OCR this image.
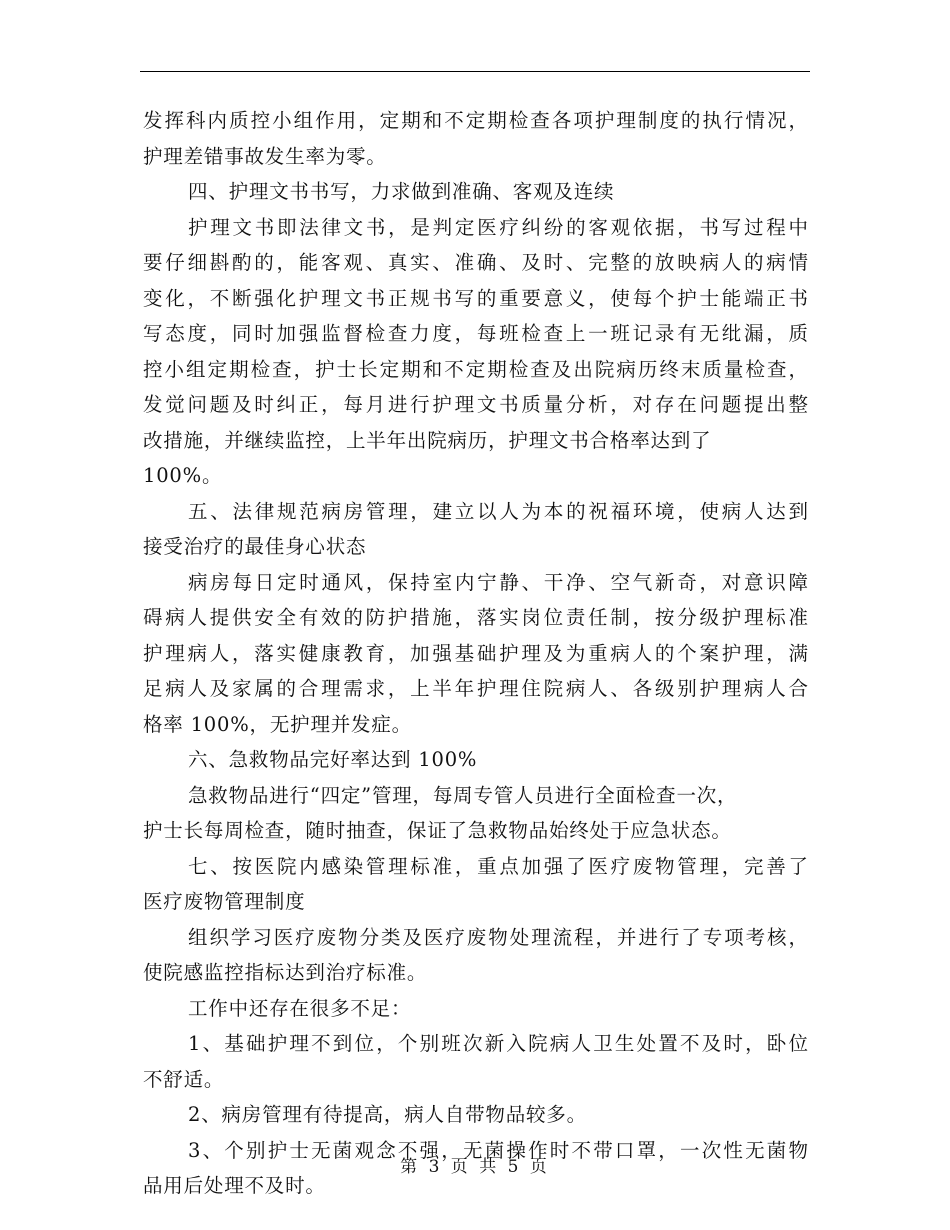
发挥科内质控小组作用，定期和不定期检查各项护理制度的执行情况，
护理差错事故发生率为零。
四、护理文书书写，力求做到准确、客观及连续
护理文书即法律文书，是判定医疗纠纷的客观依据，书写过程中
要仔细斟酌的，能客观、真实、准确、及时、完整的放映病人的病情
变化，不断强化护理文书正规书写的重要意义，使每个护士能端正书
写态度，同时加强监督检查力度，每班检查上一班记录有无纰漏，质
控小组定期检查，护士长定期和不定期检查及出院病历终末质量检查，
发觉问题及时纠正，每月进行护理文书质量分析，对存在问题提出整
改措施，并继续监控，上半年出院病历，护理文书合格率达到了
100%。
五、法律规范病房管理，建立以人为本的祝福环境，使病人达到
接受治疗的最佳身心状态
病房每日定时通风，保持室内宁静、干净、空气新奇，对意识障
碍病人提供安全有效的防护措施，落实岗位责任制，按分级护理标准
护理病人，落实健康教育，加强基础护理及为重病人的个案护理，满
足病人及家属的合理需求，上半年护理住院病人、各级别护理病人合
格率 100%，无护理并发症。
六、急救物品完好率达到 100%
急救物品进行“四定”管理，每周专管人员进行全面检查一次，
护士长每周检查，随时抽查，保证了急救物品始终处于应急状态。
七、按医院内感染管理标准，重点加强了医疗废物管理，完善了
医疗废物管理制度
组织学习医疗废物分类及医疗废物处理流程，并进行了专项考核，
使院感监控指标达到治疗标准。
工作中还存在很多不足：
1、基础护理不到位，个别班次新入院病人卫生处置不及时，卧位
不舒适。
2、病房管理有待提高，病人自带物品较多。
3、个别护士无菌观念不强，无菌操作时不带口罩，一次性无菌物
品用后处理不及时。
第 3 页 共 5 页
